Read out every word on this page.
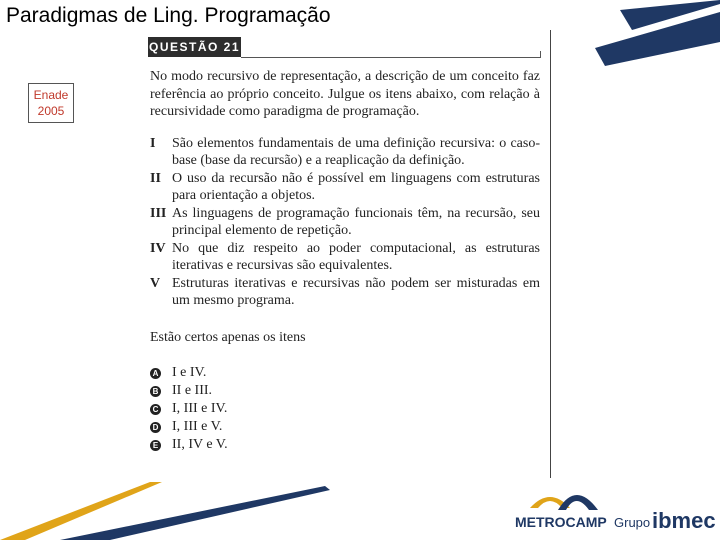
Paradigmas de Ling. Programação
Enade
2005
QUESTÃO 21

No modo recursivo de representação, a descrição de um conceito faz referência ao próprio conceito. Julgue os itens abaixo, com relação à recursividade como paradigma de programação.

I	São elementos fundamentais de uma definição recursiva: o caso-base (base da recursão) e a reaplicação da definição.
II O uso da recursão não é possível em linguagens com estruturas para orientação a objetos.
III As linguagens de programação funcionais têm, na recursão, seu principal elemento de repetição.
IV No que diz respeito ao poder computacional, as estruturas iterativas e recursivas são equivalentes.
V Estruturas iterativas e recursivas não podem ser misturadas em um mesmo programa.
Estão certos apenas os itens
A I e IV.
B II e III.
C I, III e IV.
D I, III e V.
E II, IV e V.
METROCAMP Grupo ibmec
